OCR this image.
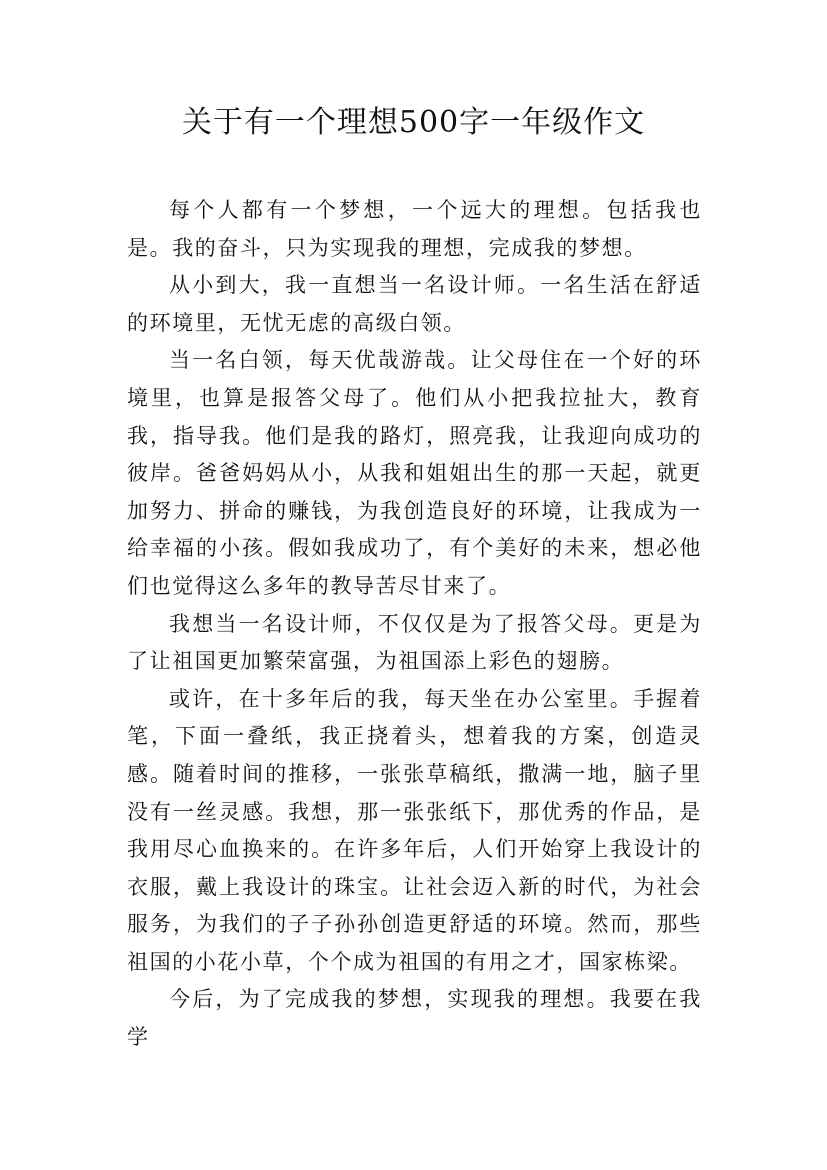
关于有一个理想500字一年级作文

每个人都有一个梦想，一个远大的理想。包括我也是。我的奋斗，只为实现我的理想，完成我的梦想。

从小到大，我一直想当一名设计师。一名生活在舒适的环境里，无忧无虑的高级白领。

当一名白领，每天优哉游哉。让父母住在一个好的环境里，也算是报答父母了。他们从小把我拉扯大，教育我，指导我。他们是我的路灯，照亮我，让我迎向成功的彼岸。爸爸妈妈从小，从我和姐姐出生的那一天起，就更加努力、拼命的赚钱，为我创造良好的环境，让我成为一给幸福的小孩。假如我成功了，有个美好的未来，想必他们也觉得这么多年的教导苦尽甘来了。

我想当一名设计师，不仅仅是为了报答父母。更是为了让祖国更加繁荣富强，为祖国添上彩色的翅膀。

或许，在十多年后的我，每天坐在办公室里。手握着笔，下面一叠纸，我正挠着头，想着我的方案，创造灵感。随着时间的推移，一张张草稿纸，撒满一地，脑子里没有一丝灵感。我想，那一张张纸下，那优秀的作品，是我用尽心血换来的。在许多年后，人们开始穿上我设计的衣服，戴上我设计的珠宝。让社会迈入新的时代，为社会服务，为我们的子子孙孙创造更舒适的环境。然而，那些祖国的小花小草，个个成为祖国的有用之才，国家栋梁。

今后，为了完成我的梦想，实现我的理想。我要在我学
